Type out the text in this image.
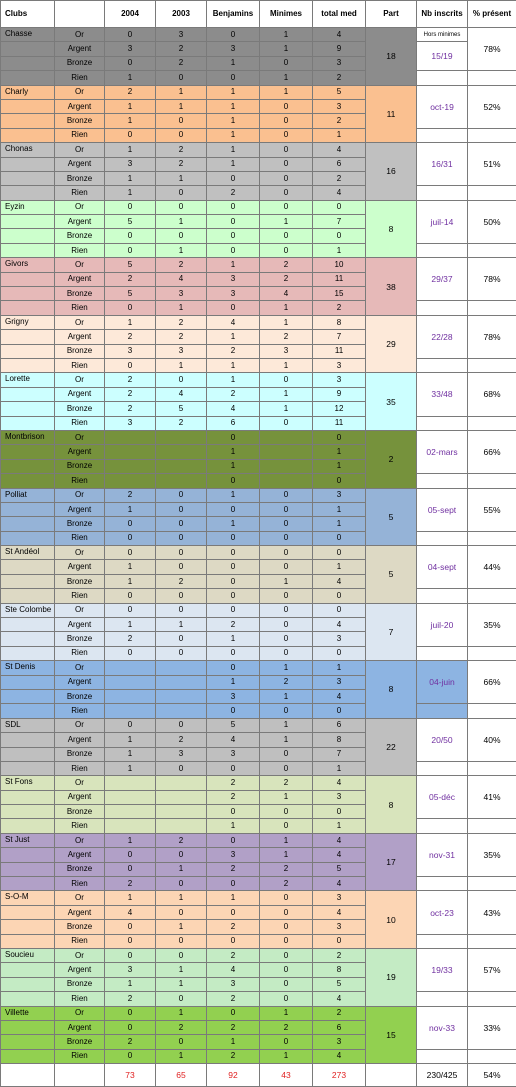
Clubs		2004	2003	Benjamins	Minimes	total med	Part	Nb inscrits	% présent
Chasse	Or	0	3	0	1	4	18	Hors minimes	78%
	Argent	3	2	3	1	9		15/19	
	Bronze	0	2	1	0	3			
	Rien	1	0	0	1	2			
Charly	Or	2	1	1	1	5	11	oct-19	52%
	Argent	1	1	1	0	3			
	Bronze	1	0	1	0	2			
	Rien	0	0	1	0	1			
Chonas	Or	1	2	1	0	4	16	16/31	51%
	Argent	3	2	1	0	6			
	Bronze	1	1	0	0	2			
	Rien	1	0	2	0	4			
Eyzin	Or	0	0	0	0	0	8	juil-14	50%
	Argent	5	1	0	1	7			
	Bronze	0	0	0	0	0			
	Rien	0	1	0	0	1			
Givors	Or	5	2	1	2	10	38	29/37	78%
	Argent	2	4	3	2	11			
	Bronze	5	3	3	4	15			
	Rien	0	1	0	1	2			
Grigny	Or	1	2	4	1	8	29	22/28	78%
	Argent	2	2	1	2	7			
	Bronze	3	3	2	3	11			
	Rien	0	1	1	1	3			
Lorette	Or	2	0	1	0	3	35	33/48	68%
	Argent	2	4	2	1	9			
	Bronze	2	5	4	1	12			
	Rien	3	2	6	0	11			
Montbrison	Or			0		0	2	02-mars	66%
	Argent			1		1			
	Bronze			1		1			
	Rien			0		0			
Polliat	Or	2	0	1	0	3	5	05-sept	55%
	Argent	1	0	0	0	1			
	Bronze	0	0	1	0	1			
	Rien	0	0	0	0	0			
St Andéol	Or	0	0	0	0	0	5	04-sept	44%
	Argent	1	0	0	0	1			
	Bronze	1	2	0	1	4			
	Rien	0	0	0	0	0			
Ste Colombe	Or	0	0	0	0	0	7	juil-20	35%
	Argent	1	1	2	0	4			
	Bronze	2	0	1	0	3			
	Rien	0	0	0	0	0			
St Denis	Or			0	1	1	8	04-juin	66%
	Argent			1	2	3			
	Bronze			3	1	4			
	Rien			0	0	0			
SDL	Or	0	0	5	1	6	22	20/50	40%
	Argent	1	2	4	1	8			
	Bronze	1	3	3	0	7			
	Rien	1	0	0	0	1			
St Fons	Or			2	2	4	8	05-déc	41%
	Argent			2	1	3			
	Bronze			0	0	0			
	Rien			1	0	1			
St Just	Or	1	2	0	1	4	17	nov-31	35%
	Argent	0	0	3	1	4			
	Bronze	0	1	2	2	5			
	Rien	2	0	0	2	4			
S-O-M	Or	1	1	1	0	3	10	oct-23	43%
	Argent	4	0	0	0	4			
	Bronze	0	1	2	0	3			
	Rien	0	0	0	0	0			
Soucieu	Or	0	0	2	0	2	19	19/33	57%
	Argent	3	1	4	0	8			
	Bronze	1	1	3	0	5			
	Rien	2	0	2	0	4			
Villette	Or	0	1	0	1	2	15	nov-33	33%
	Argent	0	2	2	2	6			
	Bronze	2	0	1	0	3			
	Rien	0	1	2	1	4			
		73	65	92	43	273		230/425	54%
